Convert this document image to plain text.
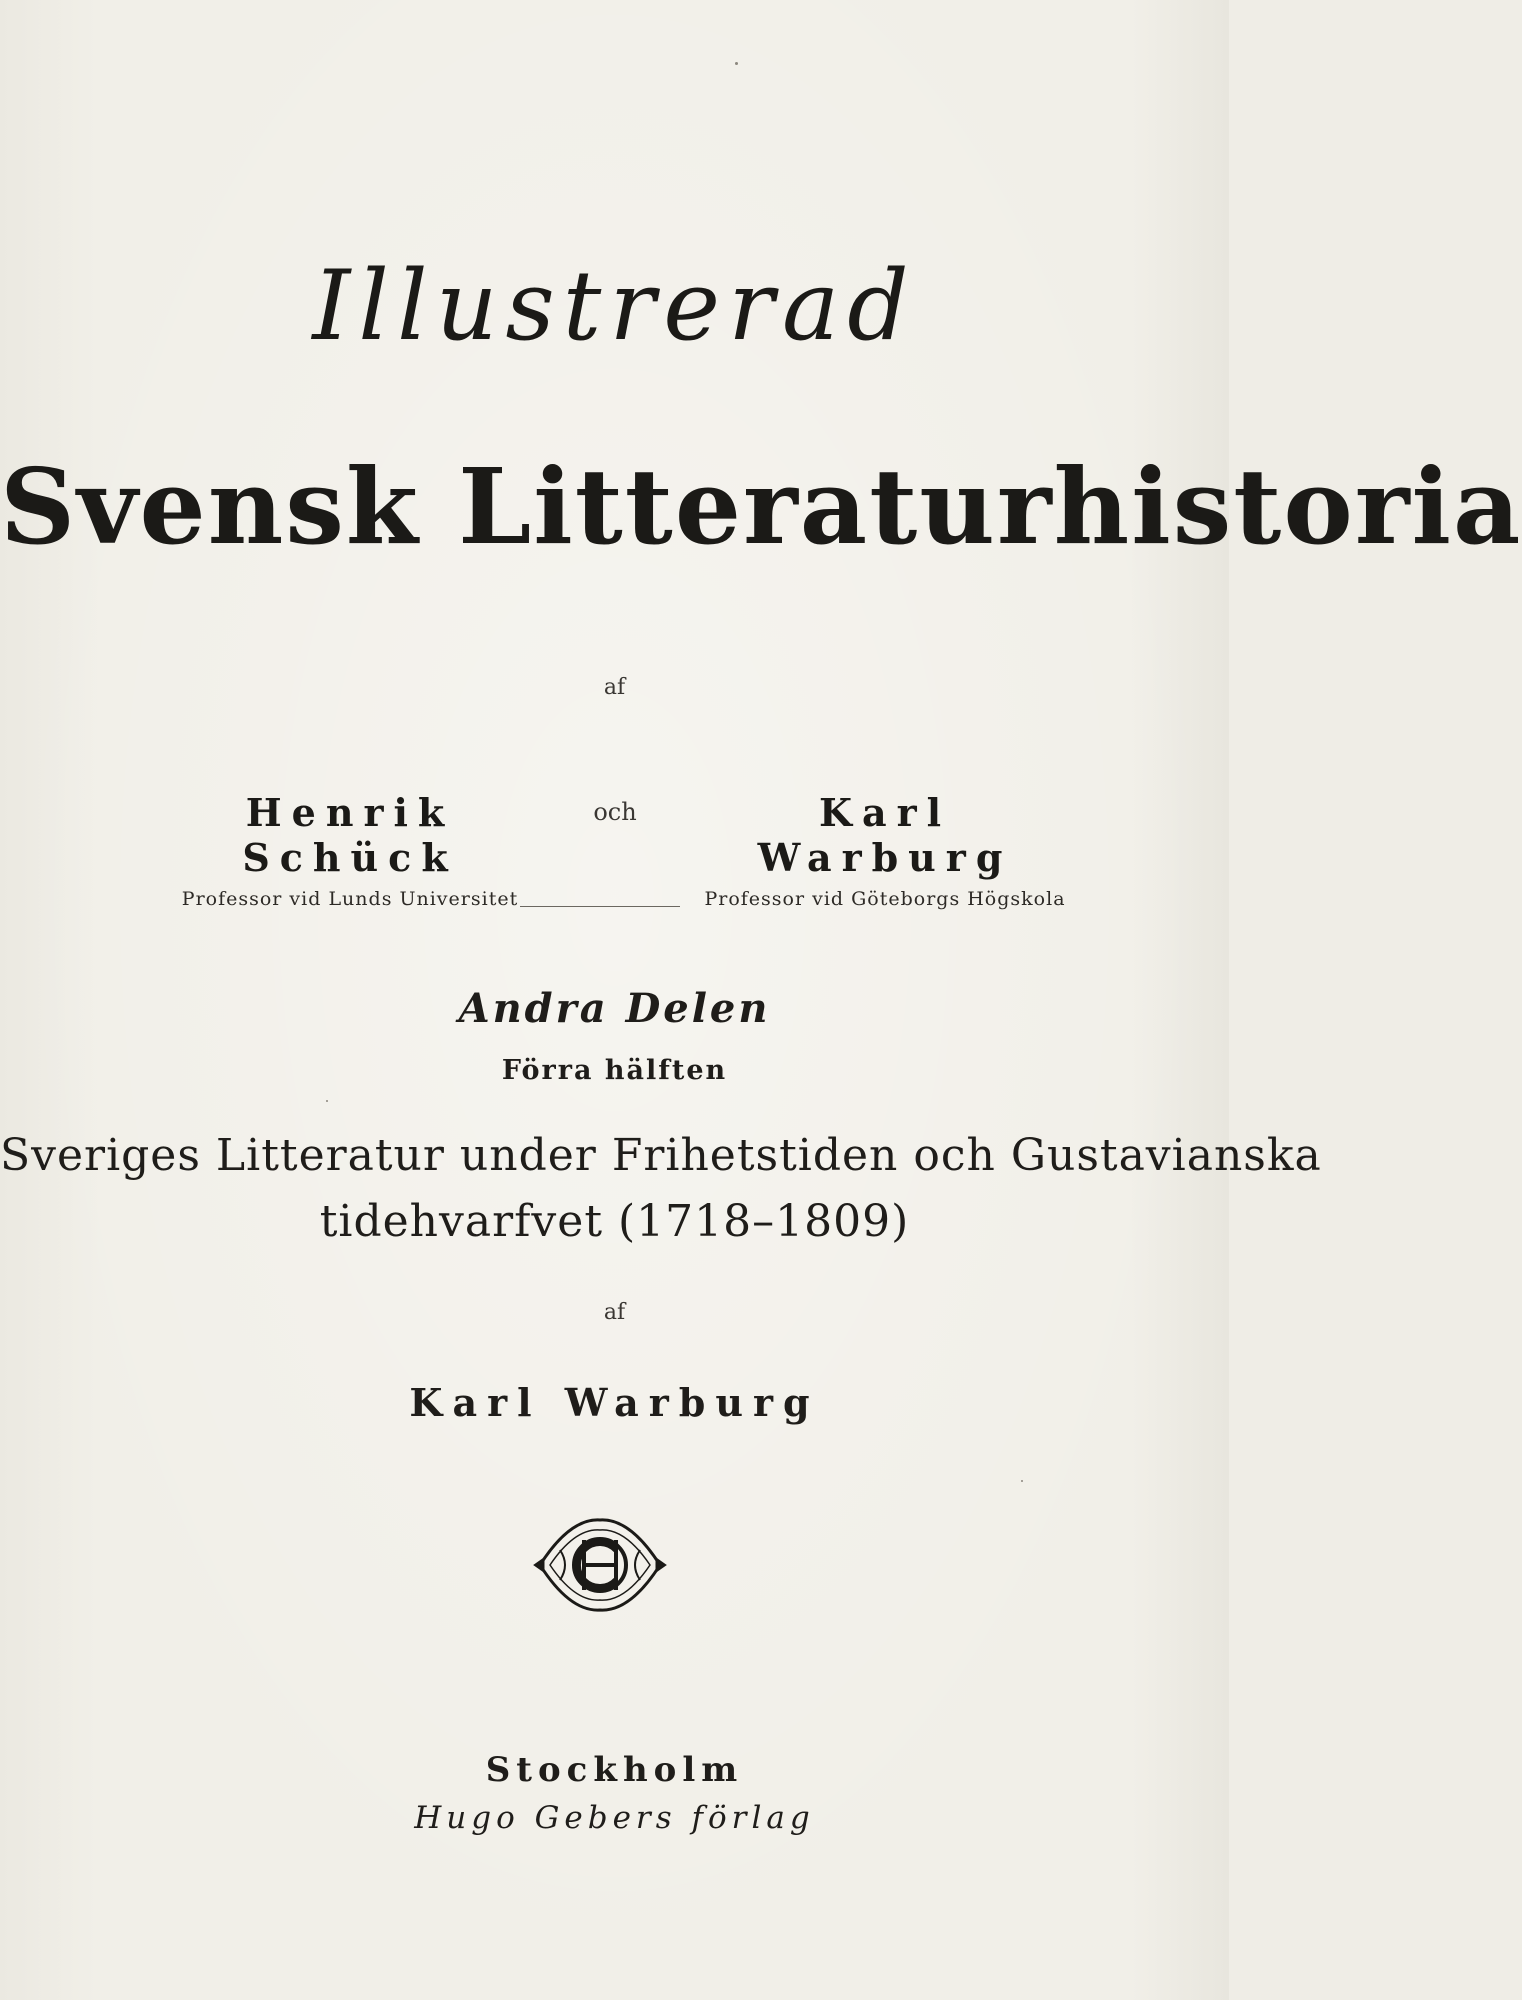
Illustrerad
Svensk Litteraturhistoria
af
Henrik Schück
Professor vid Lunds Universitet
och	Karl Warburg
Professor vid Göteborgs Högskola
Andra Delen
Förra hälften
Sveriges Litteratur under Frihetstiden och Gustavianska
tidehvarfvet (1718–1809)
af
Karl Warburg
Stockholm
Hugo Gebers förlag
